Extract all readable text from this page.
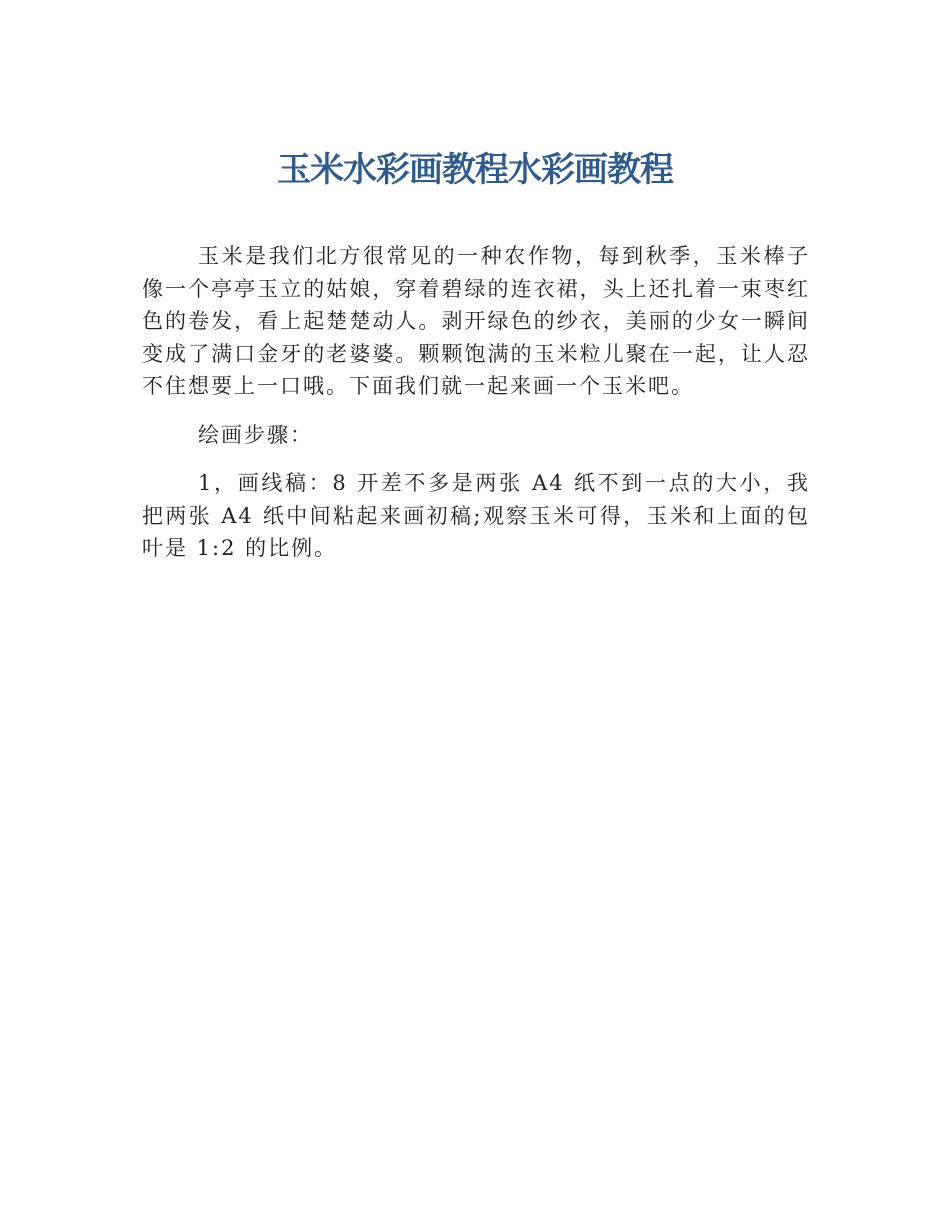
玉米水彩画教程水彩画教程

玉米是我们北方很常见的一种农作物，每到秋季，玉米棒子像一个亭亭玉立的姑娘，穿着碧绿的连衣裙，头上还扎着一束枣红色的卷发，看上起楚楚动人。剥开绿色的纱衣，美丽的少女一瞬间变成了满口金牙的老婆婆。颗颗饱满的玉米粒儿聚在一起，让人忍不住想要上一口哦。下面我们就一起来画一个玉米吧。

绘画步骤：

1，画线稿：8 开差不多是两张 A4 纸不到一点的大小，我把两张 A4 纸中间粘起来画初稿;观察玉米可得，玉米和上面的包叶是 1:2 的比例。
